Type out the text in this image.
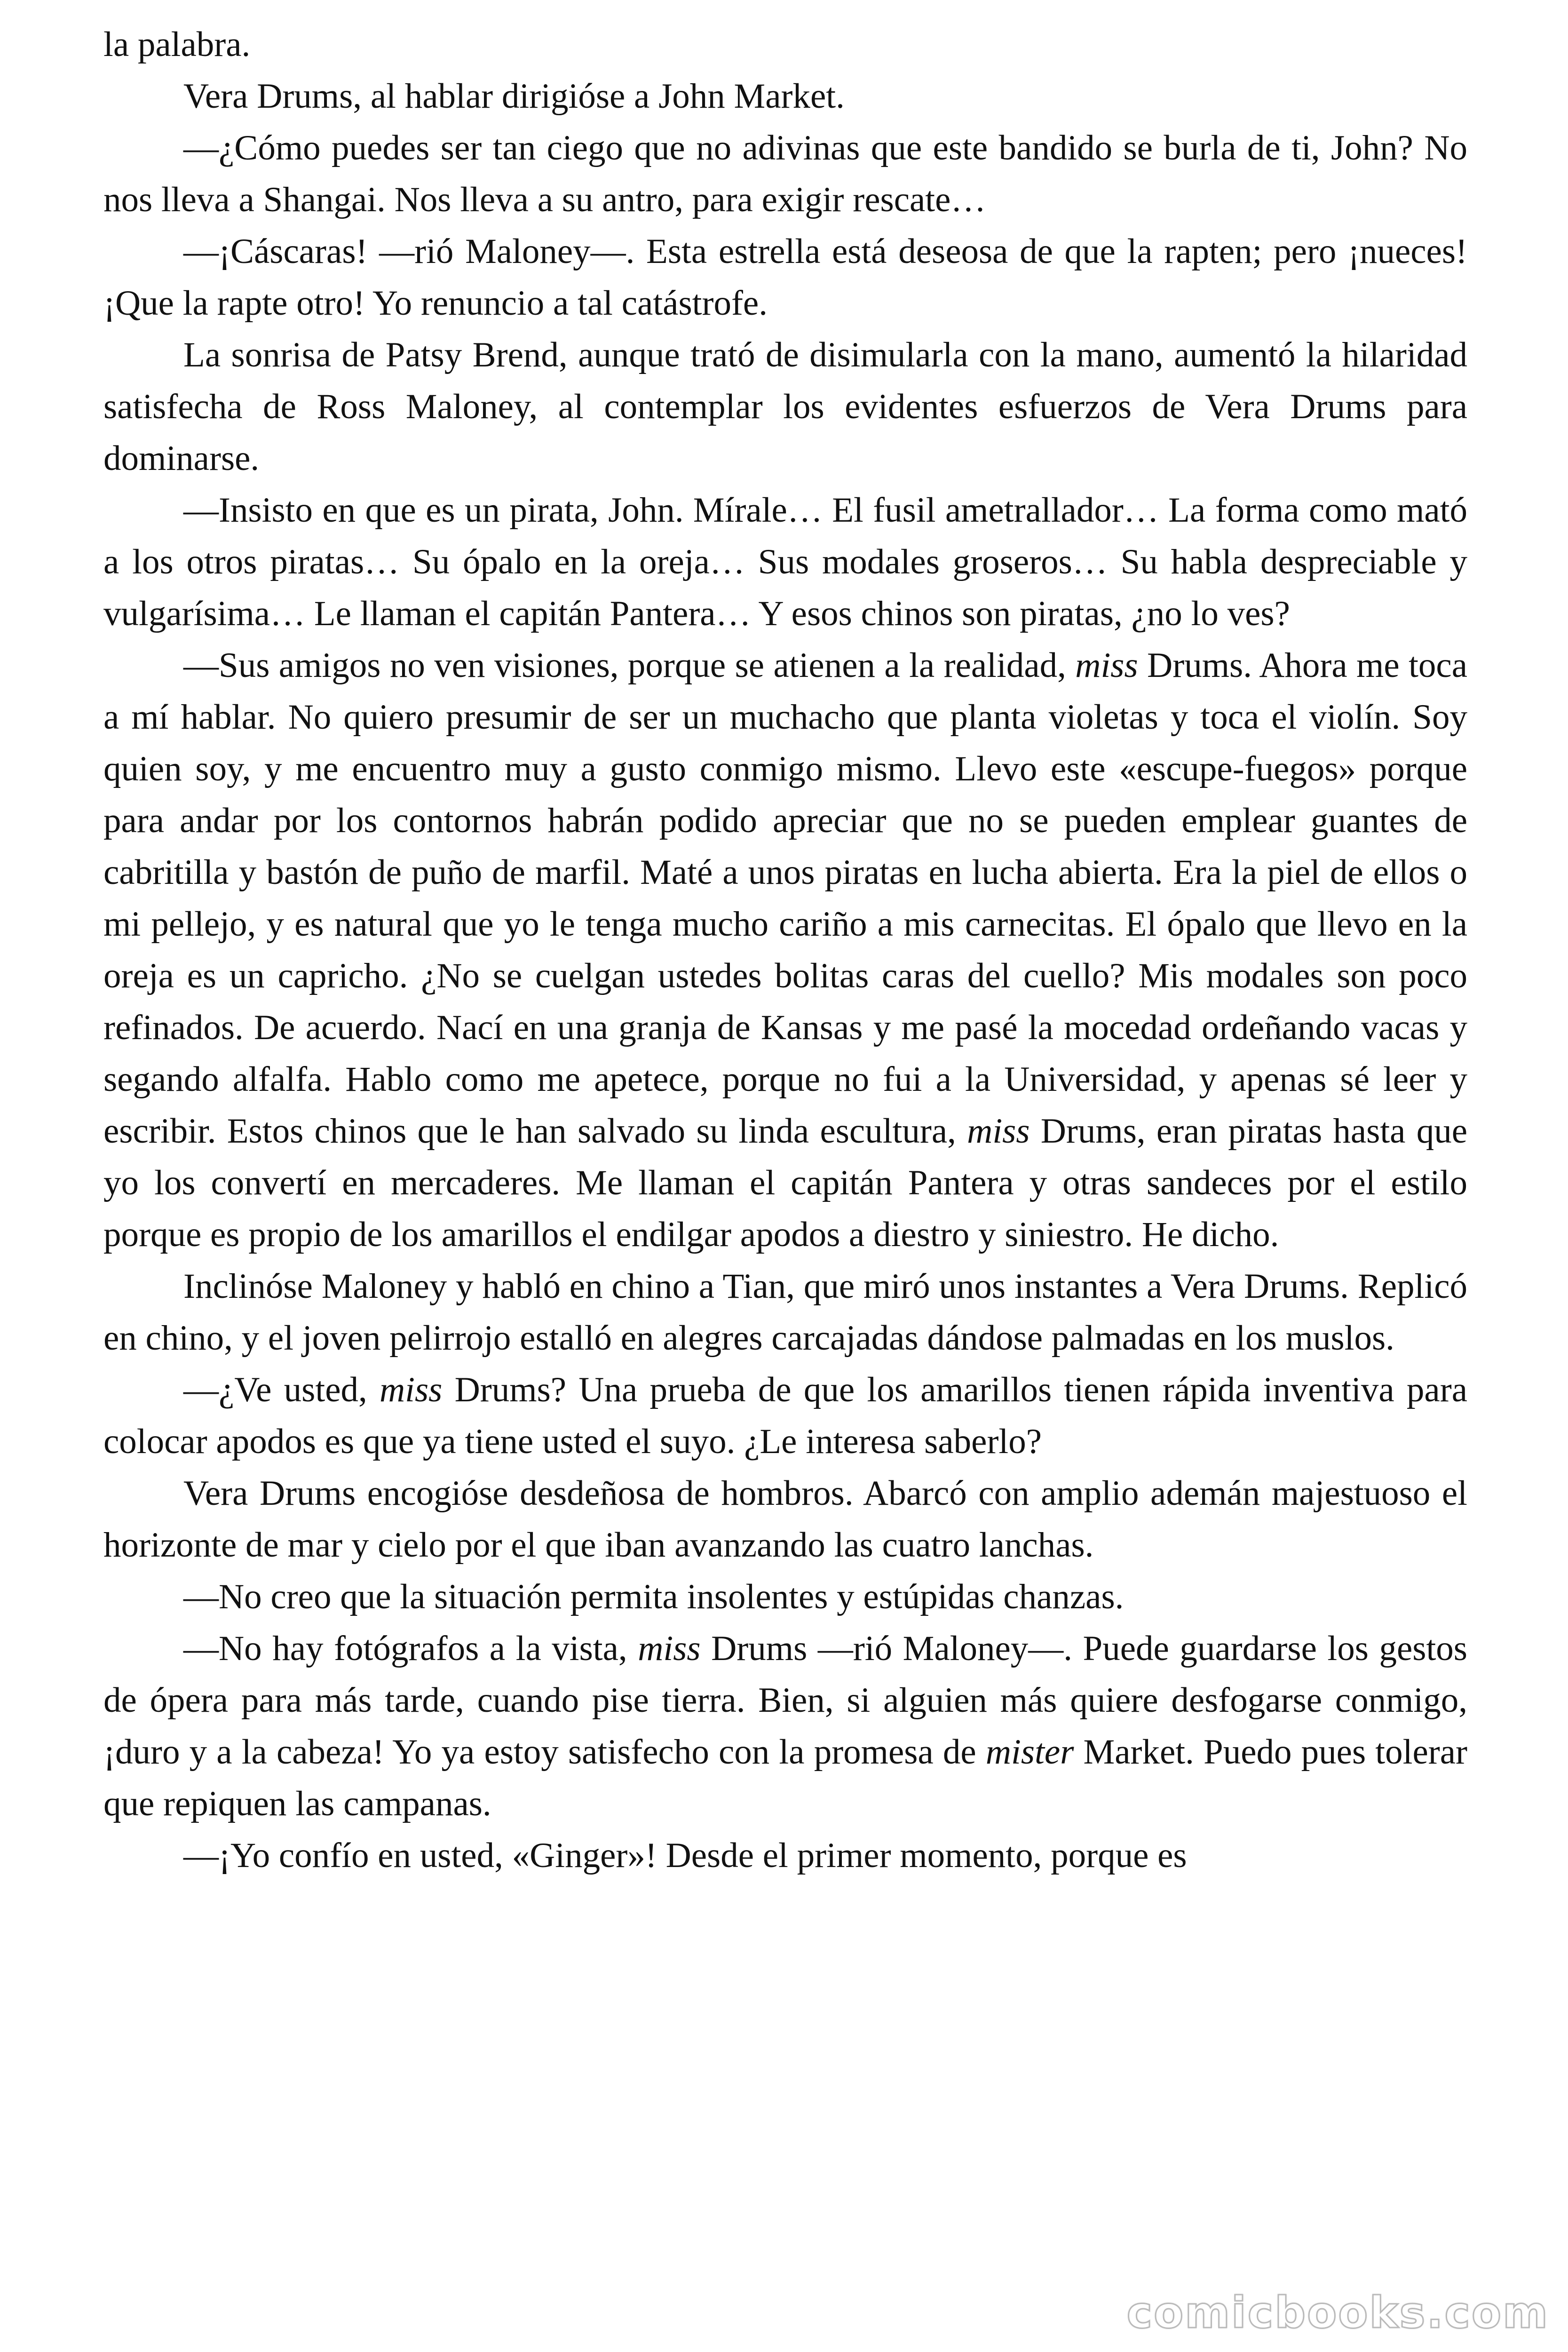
la palabra.

Vera Drums, al hablar dirigióse a John Market.

—¿Cómo puedes ser tan ciego que no adivinas que este bandido se burla de ti, John? No nos lleva a Shangai. Nos lleva a su antro, para exigir rescate…

—¡Cáscaras! —rió Maloney—. Esta estrella está deseosa de que la rapten; pero ¡nueces! ¡Que la rapte otro! Yo renuncio a tal catástrofe.

La sonrisa de Patsy Brend, aunque trató de disimularla con la mano, aumentó la hilaridad satisfecha de Ross Maloney, al contemplar los evidentes esfuerzos de Vera Drums para dominarse.

—Insisto en que es un pirata, John. Mírale… El fusil ametrallador… La forma como mató a los otros piratas… Su ópalo en la oreja… Sus modales groseros… Su habla despreciable y vulgarísima… Le llaman el capitán Pantera… Y esos chinos son piratas, ¿no lo ves?

—Sus amigos no ven visiones, porque se atienen a la realidad, miss Drums. Ahora me toca a mí hablar. No quiero presumir de ser un muchacho que planta violetas y toca el violín. Soy quien soy, y me encuentro muy a gusto conmigo mismo. Llevo este «escupe-fuegos» porque para andar por los contornos habrán podido apreciar que no se pueden emplear guantes de cabritilla y bastón de puño de marfil. Maté a unos piratas en lucha abierta. Era la piel de ellos o mi pellejo, y es natural que yo le tenga mucho cariño a mis carnecitas. El ópalo que llevo en la oreja es un capricho. ¿No se cuelgan ustedes bolitas caras del cuello? Mis modales son poco refinados. De acuerdo. Nací en una granja de Kansas y me pasé la mocedad ordeñando vacas y segando alfalfa. Hablo como me apetece, porque no fui a la Universidad, y apenas sé leer y escribir. Estos chinos que le han salvado su linda escultura, miss Drums, eran piratas hasta que yo los convertí en mercaderes. Me llaman el capitán Pantera y otras sandeces por el estilo porque es propio de los amarillos el endilgar apodos a diestro y siniestro. He dicho.

Inclinóse Maloney y habló en chino a Tian, que miró unos instantes a Vera Drums. Replicó en chino, y el joven pelirrojo estalló en alegres carcajadas dándose palmadas en los muslos.

—¿Ve usted, miss Drums? Una prueba de que los amarillos tienen rápida inventiva para colocar apodos es que ya tiene usted el suyo. ¿Le interesa saberlo?

Vera Drums encogióse desdeñosa de hombros. Abarcó con amplio ademán majestuoso el horizonte de mar y cielo por el que iban avanzando las cuatro lanchas.

—No creo que la situación permita insolentes y estúpidas chanzas.

—No hay fotógrafos a la vista, miss Drums —rió Maloney—. Puede guardarse los gestos de ópera para más tarde, cuando pise tierra. Bien, si alguien más quiere desfogarse conmigo, ¡duro y a la cabeza! Yo ya estoy satisfecho con la promesa de mister Market. Puedo pues tolerar que repiquen las campanas.

—¡Yo confío en usted, «Ginger»! Desde el primer momento, porque es

comicbooks.com
